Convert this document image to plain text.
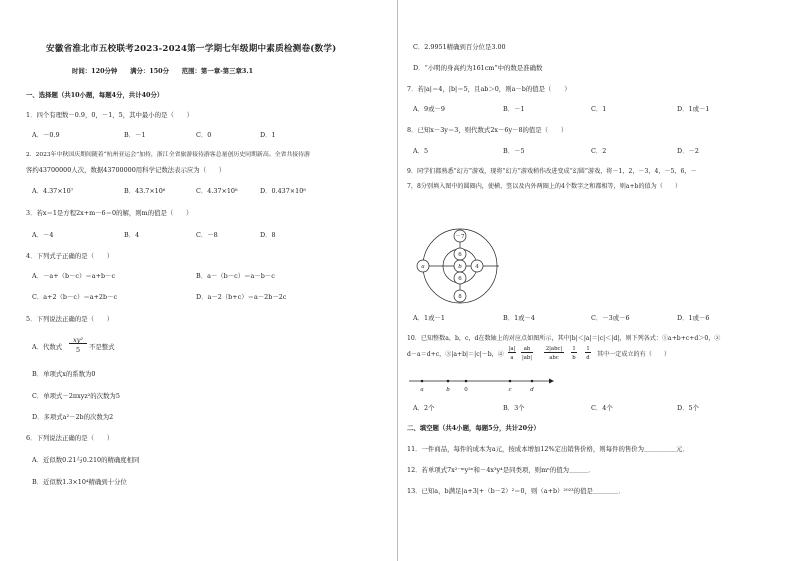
安徽省淮北市五校联考2023-2024第一学期七年级期中素质检测卷(数学)
时间：120分钟　　满分：150分　　范围：第一章-第三章3.1
一、选择题（共10小题，每题4分，共计40分）
1．四个有理数－0.9，0，－1，5，其中最小的是（　　）
A．－0.9	B．－1	C．0	D．1
2．2023年中秋国庆期间随着“杭州亚运会”加持，浙江全省旅游接待游客总量创历史同期新高。全省共接待游
客约43700000人次，数据43700000用科学记数法表示应为（　　）
A．4.37×10⁷	B．43.7×10⁶	C．4.37×10⁸	D．0.437×10⁸
3．若x＝1是方程2x+m－6＝0的解，则m的值是（　　）
A．－4	B．4	C．－8	D．8
4．下列式子正确的是（　　）
A．－a+（b－c）＝a+b－c	B．a－（b－c）＝a－b－c
C．a+2（b－c）＝a+2b－c	D．a－2（b+c）＝a－2b－2c
5．下列说法正确的是（　　）
A．代数式
xy²
5	不是整式
B．单项式x的系数为0
C．单项式－2πxyz²的次数为5
D．多项式a²－2b的次数为2
6．下列说法正确的是（　　）
A．近似数0.21与0.210的精确度相同
B．近似数1.3×10⁴精确到十分位
C．2.9951精确到百分位是3.00
D．“小明的身高约为161cm”中的数是准确数
7．若|a|＝4，|b|＝5，且ab＞0，则a－b的值是（　　）
A．9或－9	B．－1	C．1	D．1或－1
8．已知x－3y＝3，则代数式2x－6y－8的值是（　　）
A．5	B．－5	C．2	D．－2
9．同学们都熟悉“幻方”游戏，现将“幻方”游戏稍作改进变成“幻圆”游戏，将－1，2，－3，4，－5，6，－
7，8分别填入图中的圆圈内，使横、竖以及内外两圈上的4个数字之和都相等，则a+b的值为（　　）
－7
6
a	4
b
6
8
A．1或－1	B．1或－4	C．－3或－6	D．1或－6
10．已知整数a，b，c，d在数轴上的对应点如图所示，其中|b|＜|a|＝|c|＜|d|，则下列各式：①a+b+c+d＞0，②
d－a＝d+c，③|a+b|＝|c|－b，④
|a|
a
ab
|ab|
2|abc|
abc
1
b
1
d 其中一定成立的有（　　）
a	b	0	c	d
A．2个	B．3个	C．4个	D．5个
二、填空题（共4小题，每题5分，共计20分）
11．一件商品，每件的成本为a元，按成本增加12%定出销售价格，则每件的售价为＿＿＿＿＿元．
12．若单项式7x²⁻ᵐy²ⁿ和－4x³y⁴是同类项，则mⁿ的值为＿＿＿．
13．已知a，b满足|a+3|+（b－2）²＝0，则（a+b）²⁰²³的值是＿＿＿＿．
